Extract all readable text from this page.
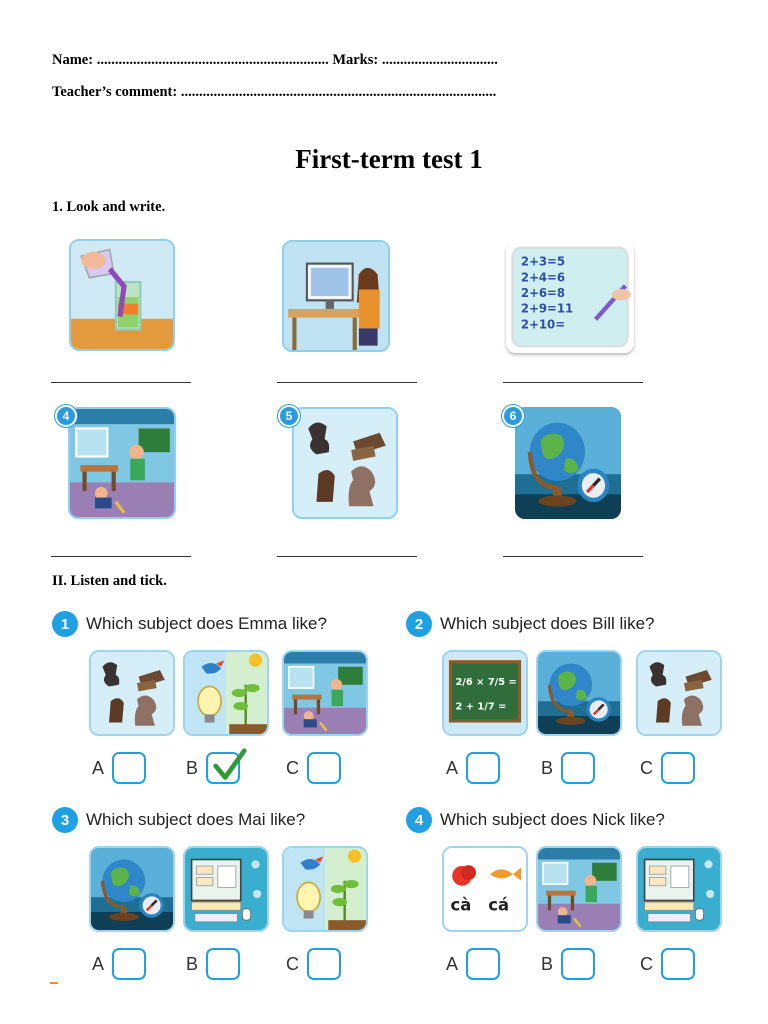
Name: ................................................................ Marks: ................................
Teacher’s comment: .......................................................................................
First-term test 1
1. Look and write.
2+3=5
2+4=6
2+6=8
2+9=11
2+10=
4	5	6
II. Listen and tick.
1 Which subject does Emma like?
A	B	C
2 Which subject does Bill like?
2/6 × 7/5 =
2 + 1/7 =
A	B	C
3 Which subject does Mai like?
A	B	C
4 Which subject does Nick like?
cà cá
A	B	C
